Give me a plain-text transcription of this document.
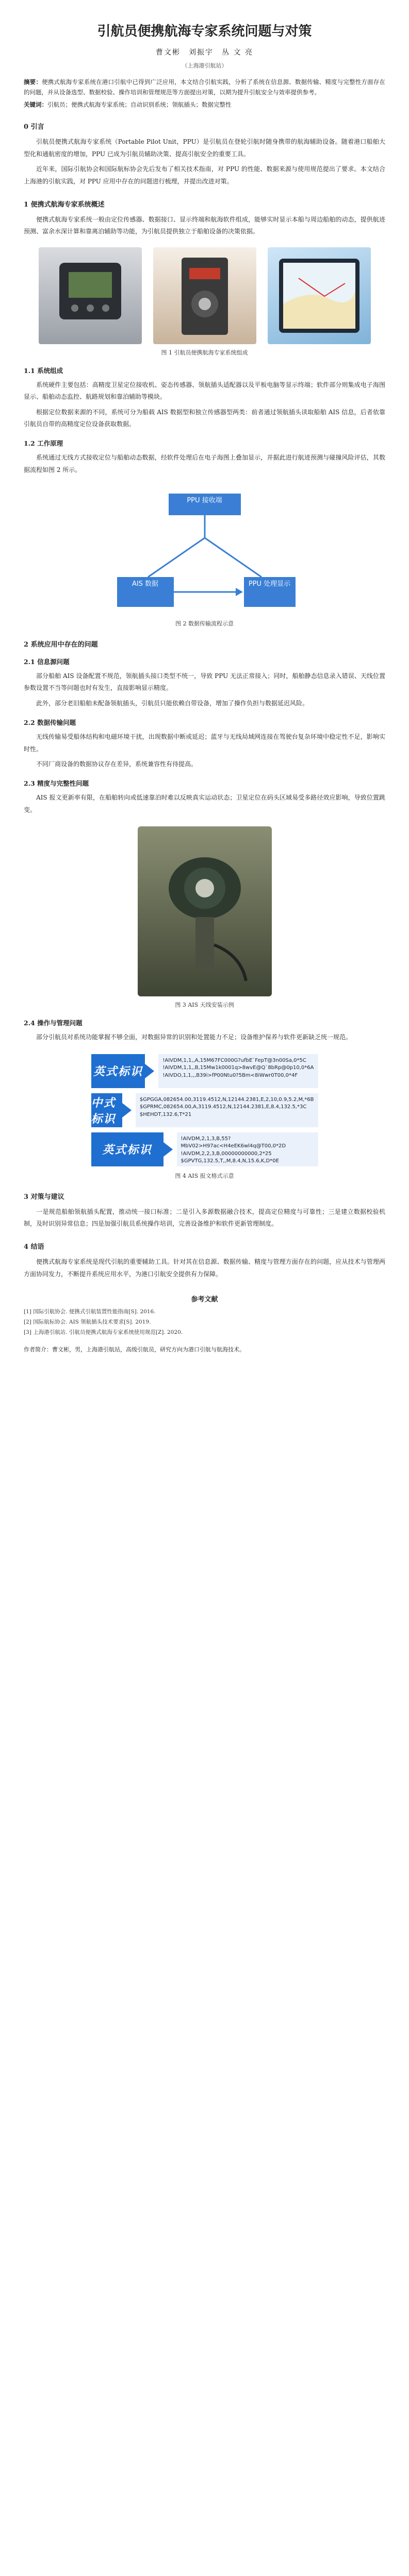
引航员便携航海专家系统问题与对策
曹文彬　刘振宇　丛 文 亮
（上海港引航站）
摘要：便携式航海专家系统在港口引航中已得到广泛应用，本文结合引航实践，分析了系统在信息源、数据传输、精度与完整性方面存在的问题，并从设备选型、数据校验、操作培训和管理规范等方面提出对策，以期为提升引航安全与效率提供参考。
关键词：引航员；便携式航海专家系统；自动识别系统；领航插头；数据完整性
0 引言

引航员便携式航海专家系统（Portable Pilot Unit，PPU）是引航员在登轮引航时随身携带的航海辅助设备。随着港口船舶大型化和通航密度的增加，PPU 已成为引航员辅助决策、提高引航安全的重要工具。

近年来，国际引航协会和国际航标协会先后发布了相关技术指南，对 PPU 的性能、数据来源与使用规范提出了要求。本文结合上海港的引航实践，对 PPU 应用中存在的问题进行梳理，并提出改进对策。

1 便携式航海专家系统概述

便携式航海专家系统一般由定位传感器、数据接口、显示终端和航海软件组成，能够实时显示本船与周边船舶的动态，提供航迹预测、富余水深计算和靠离泊辅助等功能，为引航员提供独立于船舶设备的决策依据。

图 1 引航员便携航海专家系统组成
1.1 系统组成

系统硬件主要包括：高精度卫星定位接收机、姿态传感器、领航插头适配器以及平板电脑等显示终端；软件部分则集成电子海图显示、船舶动态监控、航路规划和靠泊辅助等模块。

根据定位数据来源的不同，系统可分为船载 AIS 数据型和独立传感器型两类：前者通过领航插头读取船舶 AIS 信息，后者依靠引航员自带的高精度定位设备获取数据。

1.2 工作原理

系统通过无线方式接收定位与船舶动态数据，经软件处理后在电子海图上叠加显示，并据此进行航迹预测与碰撞风险评估，其数据流程如图 2 所示。

PPU 接收端
AIS 数据	PPU 处理显示
图 2 数据传输流程示意
2 系统应用中存在的问题
2.1 信息源问题

部分船舶 AIS 设备配置不规范，领航插头接口类型不统一，导致 PPU 无法正常接入；同时，船舶静态信息录入错误、天线位置参数设置不当等问题也时有发生，直接影响显示精度。

此外，部分老旧船舶未配备领航插头，引航员只能依赖自带设备，增加了操作负担与数据延迟风险。

2.2 数据传输问题

无线传输易受船体结构和电磁环境干扰，出现数据中断或延迟；蓝牙与无线局域网连接在驾驶台复杂环境中稳定性不足，影响实时性。

不同厂商设备的数据协议存在差异，系统兼容性有待提高。

2.3 精度与完整性问题

AIS 报文更新率有限，在船舶转向或低速靠泊时难以反映真实运动状态；卫星定位在码头区域易受多路径效应影响，导致位置跳变。

图 3 AIS 天线安装示例
2.4 操作与管理问题

部分引航员对系统功能掌握不够全面，对数据异常的识别和处置能力不足；设备维护保养与软件更新缺乏统一规范。

英式标识
!AIVDM,1,1,,A,15M67FC000G?ufbE`FepT@3n00Sa,0*5C
!AIVDM,1,1,,B,15Mw1k0001q>8wvE@Q`8bRp@0p10,0*6A
!AIVDO,1,1,,,B39i>fP00Ntu0?5Bm<8iWwr0T00,0*4F
中式标识
$GPGGA,082654.00,3119.4512,N,12144.2381,E,2,10,0.9,5.2,M,*6B
$GPRMC,082654.00,A,3119.4512,N,12144.2381,E,8.4,132.5,*3C
$HEHDT,132.6,T*21
英式标识
!AIVDM,2,1,3,B,55?MbV02>H97ac<H4eEK6wl4q@T00,0*2D
!AIVDM,2,2,3,B,00000000000,2*25
$GPVTG,132.5,T,,M,8.4,N,15.6,K,D*0E
图 4 AIS 报文格式示意
3 对策与建议

一是规范船舶领航插头配置，推动统一接口标准；二是引入多源数据融合技术，提高定位精度与可靠性；三是建立数据校验机制，及时识别异常信息；四是加强引航员系统操作培训，完善设备维护和软件更新管理制度。

4 结语

便携式航海专家系统是现代引航的重要辅助工具。针对其在信息源、数据传输、精度与管理方面存在的问题，应从技术与管理两方面协同发力，不断提升系统应用水平，为港口引航安全提供有力保障。

参考文献
[1] 国际引航协会. 便携式引航装置性能指南[S]. 2016.
[2] 国际航标协会. AIS 领航插头技术要求[S]. 2019.
[3] 上海港引航站. 引航员便携式航海专家系统使用规范[Z]. 2020.
作者简介：曹文彬，男，上海港引航站，高级引航员，研究方向为港口引航与航海技术。
